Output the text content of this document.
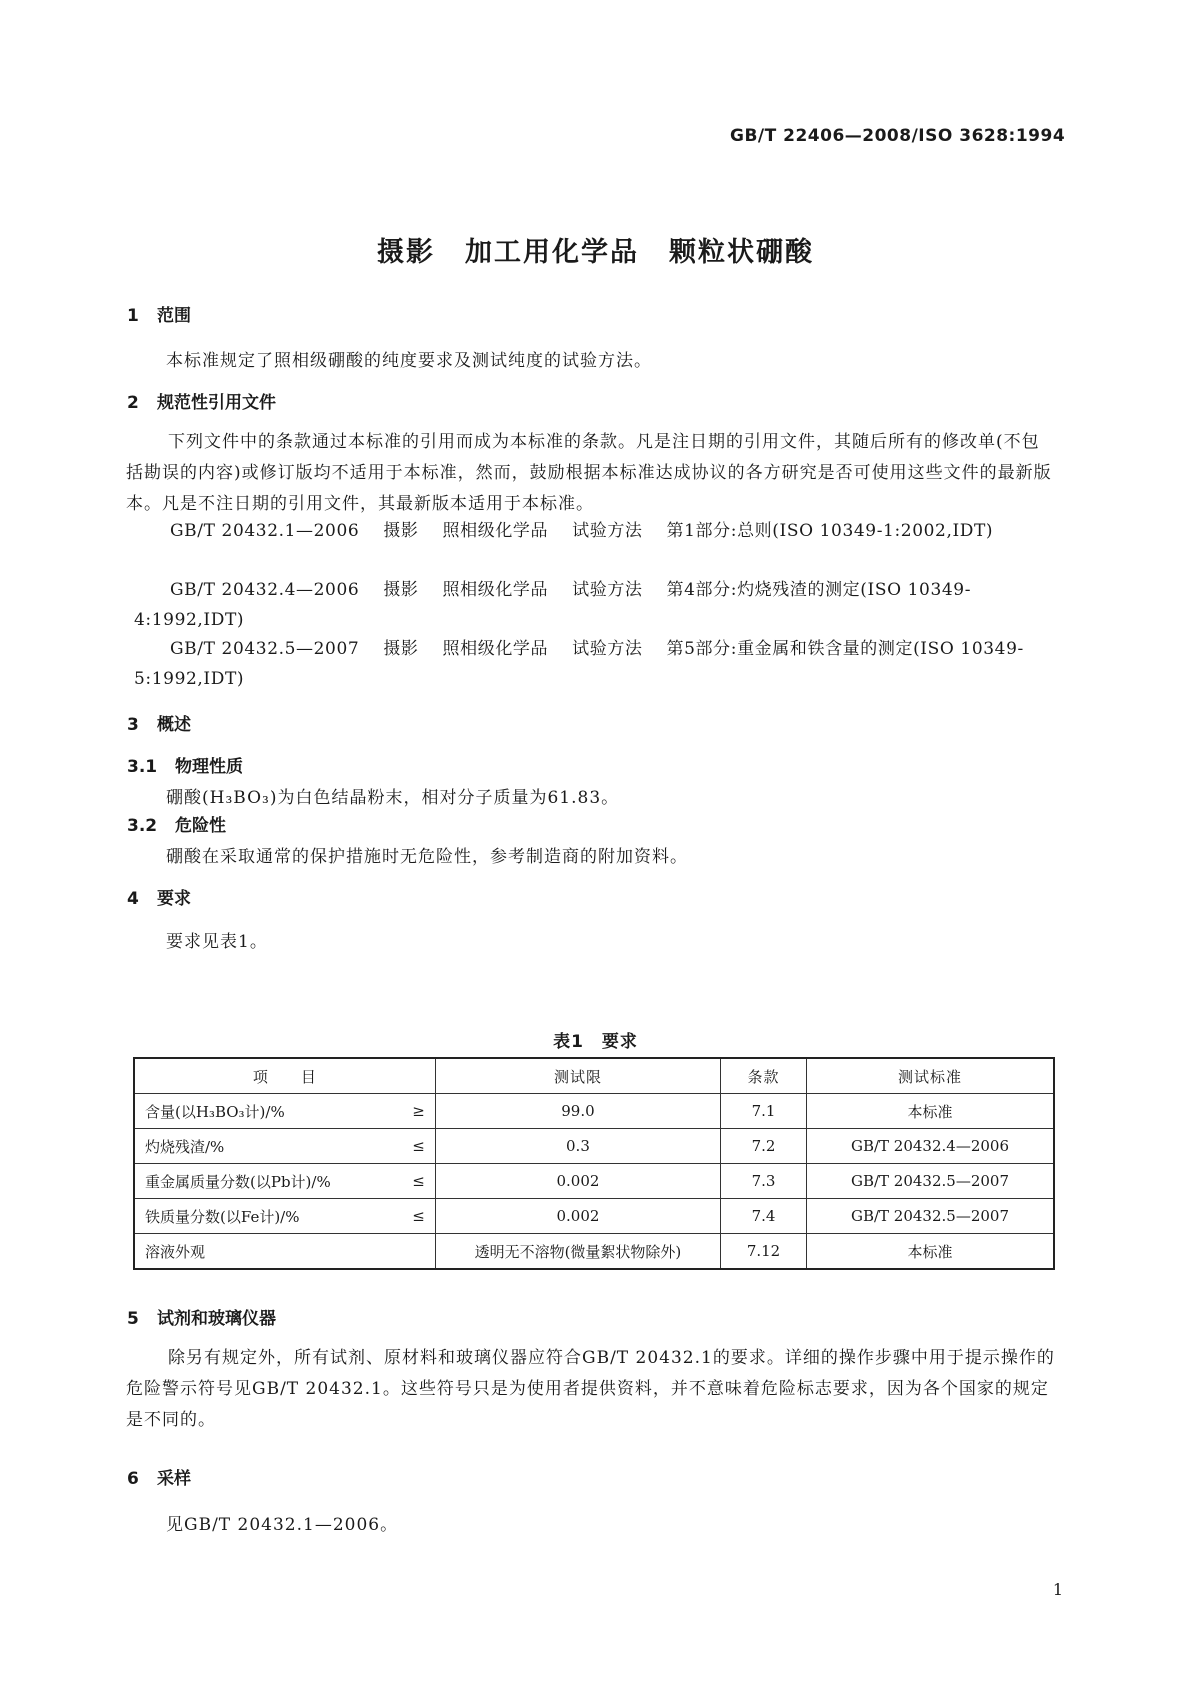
GB/T 22406—2008/ISO 3628:1994
摄影 加工用化学品 颗粒状硼酸
1 范围
本标准规定了照相级硼酸的纯度要求及测试纯度的试验方法。
2 规范性引用文件
下列文件中的条款通过本标准的引用而成为本标准的条款。凡是注日期的引用文件，其随后所有的修改单(不包括勘误的内容)或修订版均不适用于本标准，然而，鼓励根据本标准达成协议的各方研究是否可使用这些文件的最新版本。凡是不注日期的引用文件，其最新版本适用于本标准。
GB/T 20432.1—2006 摄影 照相级化学品 试验方法 第1部分:总则(ISO 10349-1:2002,IDT)
GB/T 20432.4—2006 摄影 照相级化学品 试验方法 第4部分:灼烧残渣的测定(ISO 10349-4:1992,IDT)
GB/T 20432.5—2007 摄影 照相级化学品 试验方法 第5部分:重金属和铁含量的测定(ISO 10349-5:1992,IDT)
3 概述
3.1 物理性质
硼酸(H₃BO₃)为白色结晶粉末，相对分子质量为61.83。
3.2 危险性
硼酸在采取通常的保护措施时无危险性，参考制造商的附加资料。
4 要求
要求见表1。
表1　要求
项　　目	测试限	条款	测试标准

含量(以H₃BO₃计)/% ≥	99.0	7.1	本标准

灼烧残渣/% ≤	0.3	7.2	GB/T 20432.4—2006

重金属质量分数(以Pb计)/% ≤	0.002	7.3	GB/T 20432.5—2007

铁质量分数(以Fe计)/% ≤	0.002	7.4	GB/T 20432.5—2007

溶液外观	透明无不溶物(微量絮状物除外)	7.12	本标准
5 试剂和玻璃仪器
除另有规定外，所有试剂、原材料和玻璃仪器应符合GB/T 20432.1的要求。详细的操作步骤中用于提示操作的危险警示符号见GB/T 20432.1。这些符号只是为使用者提供资料，并不意味着危险标志要求，因为各个国家的规定是不同的。
6 采样
见GB/T 20432.1—2006。
1
